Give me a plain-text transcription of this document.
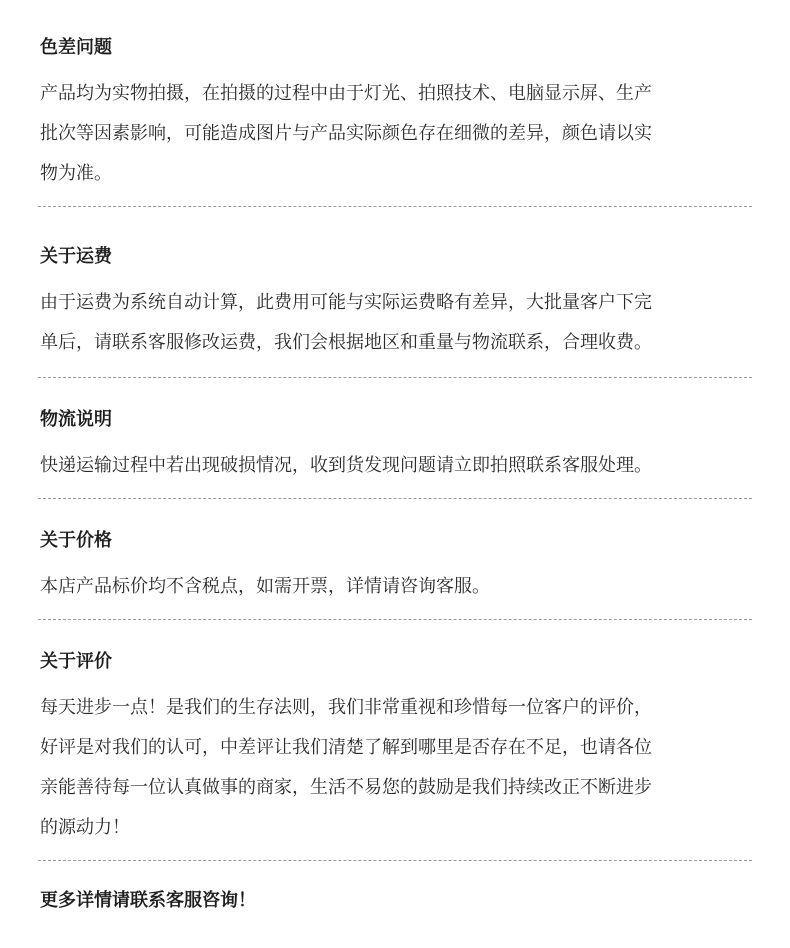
色差问题
产品均为实物拍摄，在拍摄的过程中由于灯光、拍照技术、电脑显示屏、生产
批次等因素影响，可能造成图片与产品实际颜色存在细微的差异，颜色请以实
物为准。
关于运费
由于运费为系统自动计算，此费用可能与实际运费略有差异，大批量客户下完
单后，请联系客服修改运费，我们会根据地区和重量与物流联系，合理收费。
物流说明
快递运输过程中若出现破损情况，收到货发现问题请立即拍照联系客服处理。
关于价格
本店产品标价均不含税点，如需开票，详情请咨询客服。
关于评价
每天进步一点！是我们的生存法则，我们非常重视和珍惜每一位客户的评价，
好评是对我们的认可，中差评让我们清楚了解到哪里是否存在不足，也请各位
亲能善待每一位认真做事的商家，生活不易您的鼓励是我们持续改正不断进步
的源动力！
更多详情请联系客服咨询！
